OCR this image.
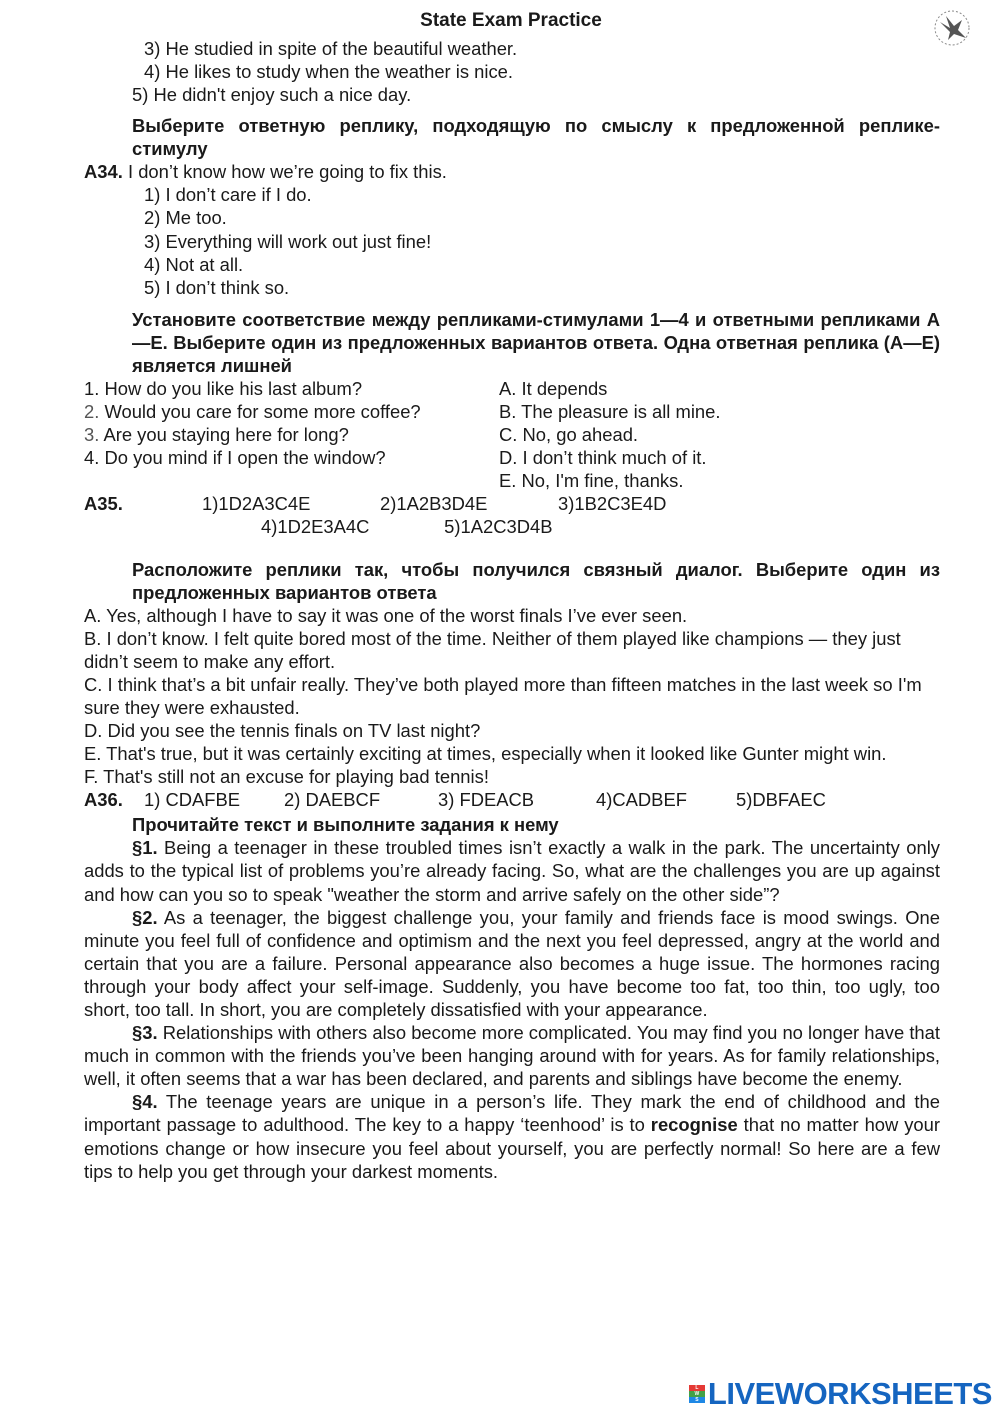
State Exam Practice
3) He studied in spite of the beautiful weather.
4) He likes to study when the weather is nice.
5) He didn't enjoy such a nice day.
Выберите ответную реплику, подходящую по смыслу к предложенной реплике-стимулу
A34. I don’t know how we’re going to fix this.
1) I don’t care if I do.
2) Me too.
3) Everything will work out just fine!
4) Not at all.
5) I don’t think so.
Установите соответствие между репликами-стимулами 1—4 и ответными репликами А—Е. Выберите один из предложенных вариантов ответа. Одна ответная реплика (А—Е) является лишней
1. How do you like his last album?	A. It depends
2. Would you care for some more coffee?	B. The pleasure is all mine.
3. Are you staying here for long?	C. No, go ahead.
4. Do you mind if I open the window?	D. I don’t think much of it.
E. No, I'm fine, thanks.
A35.	1)1D2A3C4E	2)1A2B3D4E	3)1B2C3E4D
4)1D2E3A4C	5)1A2C3D4B
Расположите реплики так, чтобы получился связный диалог. Выберите один из предложенных вариантов ответа
A. Yes, although I have to say it was one of the worst finals I’ve ever seen.
B. I don’t know. I felt quite bored most of the time. Neither of them played like champions — they just didn’t seem to make any effort.
C. I think that’s a bit unfair really. They’ve both played more than fifteen matches in the last week so I'm sure they were exhausted.
D. Did you see the tennis finals on TV last night?
E. That's true, but it was certainly exciting at times, especially when it looked like Gunter might win.
F. That's still not an excuse for playing bad tennis!
A36.	1) CDAFBE	2) DAEBCF	3) FDEACB	4)CADBEF	5)DBFAEC
Прочитайте текст и выполните задания к нему
§1. Being a teenager in these troubled times isn’t exactly a walk in the park. The uncertainty only adds to the typical list of problems you’re already facing. So, what are the challenges you are up against and how can you so to speak "weather the storm and arrive safely on the other side”?
§2. As a teenager, the biggest challenge you, your family and friends face is mood swings. One minute you feel full of confidence and optimism and the next you feel depressed, angry at the world and certain that you are a failure. Personal appearance also becomes a huge issue. The hormones racing through your body affect your self-image. Suddenly, you have become too fat, too thin, too ugly, too short, too tall. In short, you are completely dissatisfied with your appearance.
§3. Relationships with others also become more complicated. You may find you no longer have that much in common with the friends you’ve been hanging around with for years. As for family relationships, well, it often seems that a war has been declared, and parents and siblings have become the enemy.
§4. The teenage years are unique in a person’s life. They mark the end of childhood and the important passage to adulthood. The key to a happy ‘teenhood’ is to recognise that no matter how your emotions change or how insecure you feel about yourself, you are perfectly normal! So here are a few tips to help you get through your darkest moments.
L
W
S LIVEWORKSHEETS
